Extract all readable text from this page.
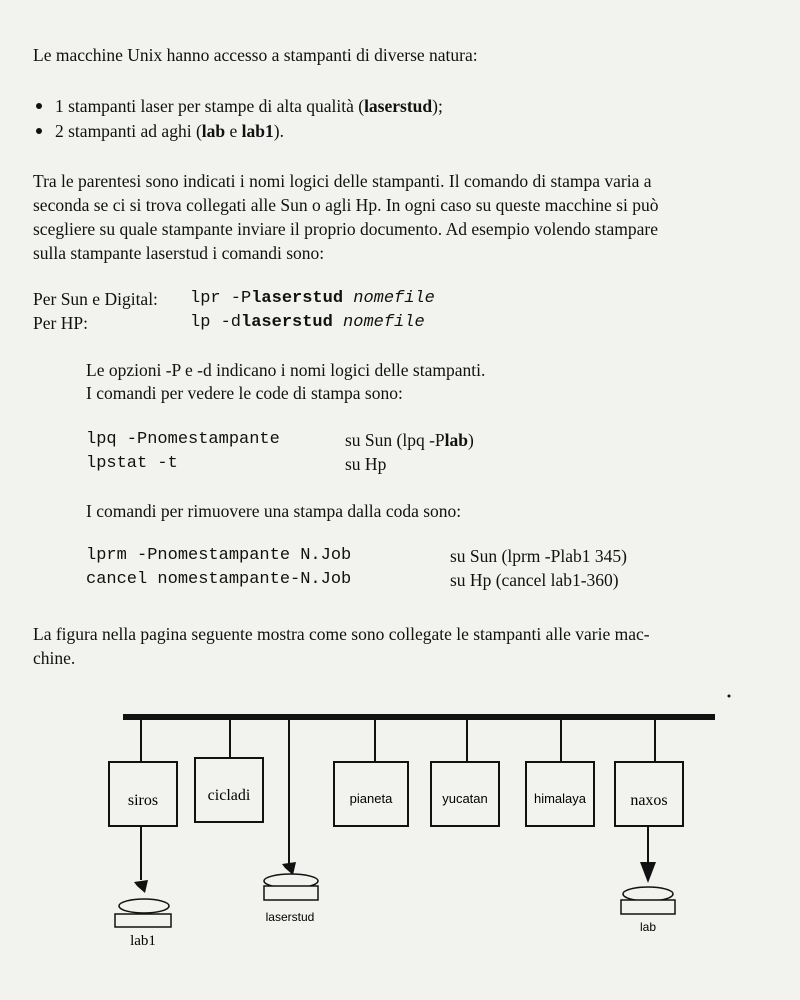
Le macchine Unix hanno accesso a stampanti di diverse natura:

1 stampanti laser per stampe di alta qualità (laserstud);

2 stampanti ad aghi (lab e lab1).

Tra le parentesi sono indicati i nomi logici delle stampanti. Il comando di stampa varia a

seconda se ci si trova collegati alle Sun o agli Hp. In ogni caso su queste macchine si può

scegliere su quale stampante inviare il proprio documento. Ad esempio volendo stampare

sulla stampante laserstud i comandi sono:

Per Sun e Digital: lpr -Plaserstud nomefile

Per HP:	lp -dlaserstud nomefile

Le opzioni -P e -d indicano i nomi logici delle stampanti.

I comandi per vedere le code di stampa sono:

lpq -Pnomestampante	su Sun (lpq -Plab)

lpstat -t	su Hp

I comandi per rimuovere una stampa dalla coda sono:

lprm -Pnomestampante N.Job	su Sun (lprm -Plab1 345)

cancel nomestampante-N.Job	su Hp (cancel lab1-360)

La figura nella pagina seguente mostra come sono collegate le stampanti alle varie mac-

chine.

siros	cicladi	pianeta	yucatan	himalaya	naxos
lab1
laserstud
lab
